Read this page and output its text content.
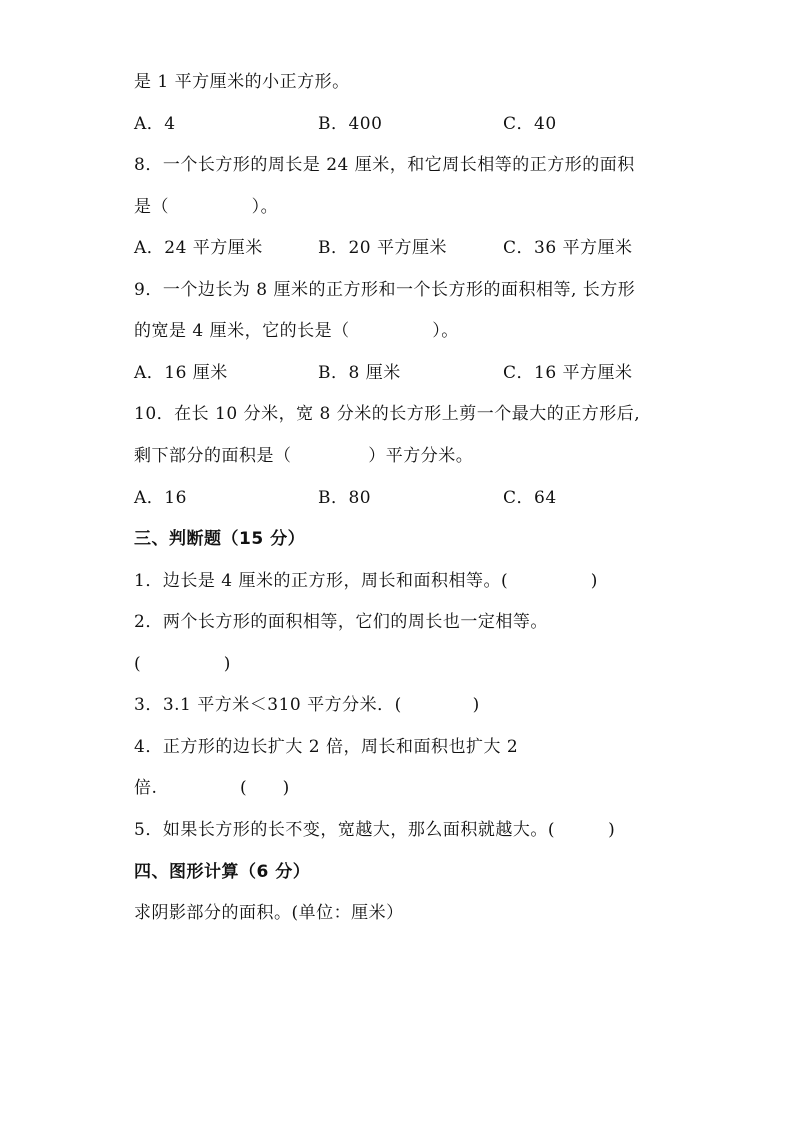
是 1 平方厘米的小正方形。
A．4	B．400	C．40
8．一个长方形的周长是 24 厘米，和它周长相等的正方形的面积
是（              ）。
A．24 平方厘米	B．20 平方厘米	C．36 平方厘米
9．一个边长为 8 厘米的正方形和一个长方形的面积相等, 长方形
的宽是 4 厘米，它的长是（              ）。
A．16 厘米	B．8 厘米	C．16 平方厘米
10．在长 10 分米，宽 8 分米的长方形上剪一个最大的正方形后,
剩下部分的面积是（             ）平方分米。
A．16	B．80	C．64
三、判断题（15 分）
1．边长是 4 厘米的正方形，周长和面积相等。(              )
2．两个长方形的面积相等，它们的周长也一定相等。
(              )
3．3.1 平方米＜310 平方分米．(            )
4．正方形的边长扩大 2 倍，周长和面积也扩大 2
倍.              (      )
5．如果长方形的长不变，宽越大，那么面积就越大。(         )
四、图形计算（6 分）
求阴影部分的面积。(单位：厘米）
